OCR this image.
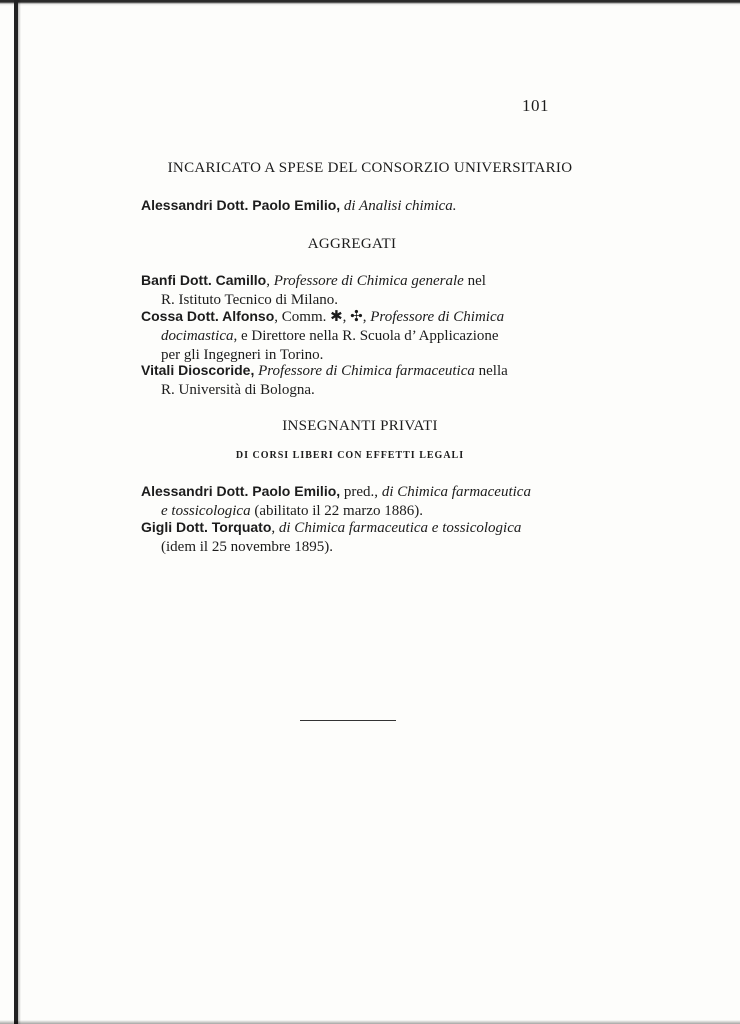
101
INCARICATO A SPESE DEL CONSORZIO UNIVERSITARIO
Alessandri Dott. Paolo Emilio, di Analisi chimica.
AGGREGATI
Banfi Dott. Camillo, Professore di Chimica generale nel
R. Istituto Tecnico di Milano.
Cossa Dott. Alfonso, Comm. ✱, ✣, Professore di Chimica
docimastica, e Direttore nella R. Scuola d’ Applicazione
per gli Ingegneri in Torino.
Vitali Dioscoride, Professore di Chimica farmaceutica nella
R. Università di Bologna.
INSEGNANTI PRIVATI
DI CORSI LIBERI CON EFFETTI LEGALI
Alessandri Dott. Paolo Emilio, pred., di Chimica farmaceutica
e tossicologica (abilitato il 22 marzo 1886).
Gigli Dott. Torquato, di Chimica farmaceutica e tossicologica
(idem il 25 novembre 1895).
